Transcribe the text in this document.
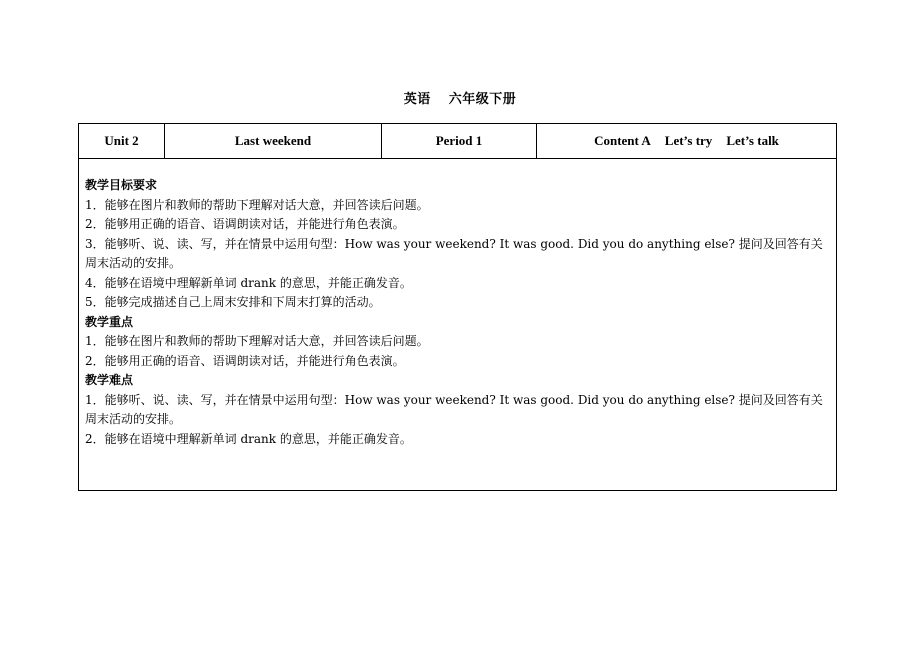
英语 六年级下册
Unit 2	Last weekend	Period 1	Content A Let’s try Let’s talk
教学目标要求
1．能够在图片和教师的帮助下理解对话大意，并回答读后问题。
2．能够用正确的语音、语调朗读对话，并能进行角色表演。
3．能够听、说、读、写，并在情景中运用句型：How was your weekend? It was good. Did you do anything else? 提问及回答有关周末活动的安排。
4．能够在语境中理解新单词 drank 的意思，并能正确发音。
5．能够完成描述自己上周末安排和下周末打算的活动。
教学重点
1．能够在图片和教师的帮助下理解对话大意，并回答读后问题。
2．能够用正确的语音、语调朗读对话，并能进行角色表演。
教学难点
1．能够听、说、读、写，并在情景中运用句型：How was your weekend? It was good. Did you do anything else? 提问及回答有关周末活动的安排。
2．能够在语境中理解新单词 drank 的意思，并能正确发音。
